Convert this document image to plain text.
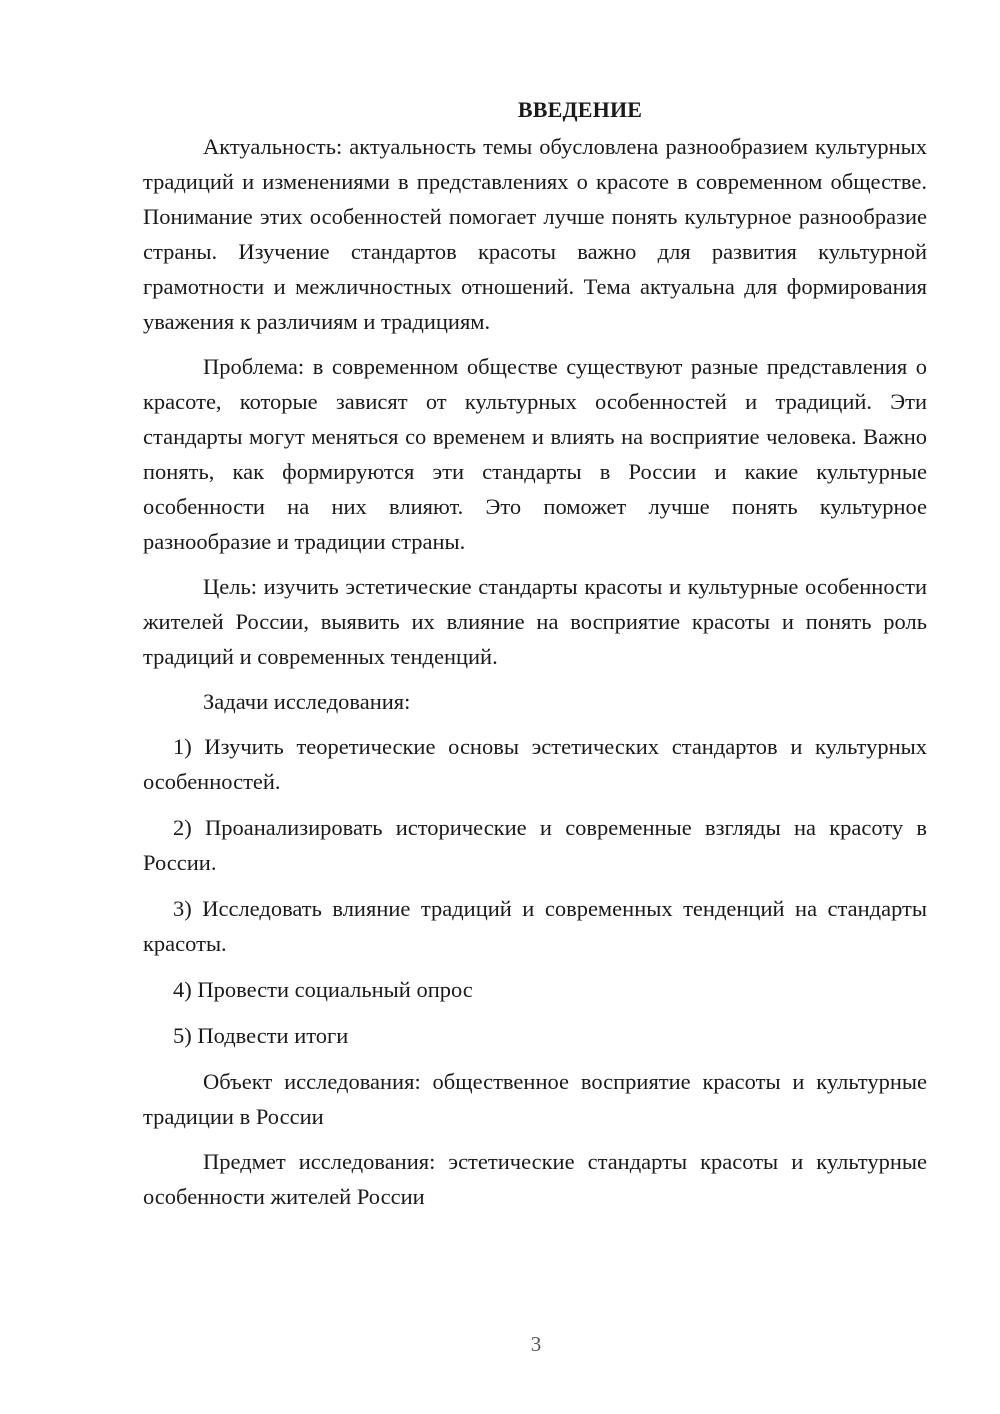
ВВЕДЕНИЕ

Актуальность: актуальность темы обусловлена разнообразием культурных традиций и изменениями в представлениях о красоте в современном обществе. Понимание этих особенностей помогает лучше понять культурное разнообразие страны. Изучение стандартов красоты важно для развития культурной грамотности и межличностных отношений. Тема актуальна для формирования уважения к различиям и традициям.

Проблема: в современном обществе существуют разные представления о красоте, которые зависят от культурных особенностей и традиций. Эти стандарты могут меняться со временем и влиять на восприятие человека. Важно понять, как формируются эти стандарты в России и какие культурные особенности на них влияют. Это поможет лучше понять культурное разнообразие и традиции страны.

Цель: изучить эстетические стандарты красоты и культурные особенности жителей России, выявить их влияние на восприятие красоты и понять роль традиций и современных тенденций.

Задачи исследования:

1) Изучить теоретические основы эстетических стандартов и культурных особенностей.

2) Проанализировать исторические и современные взгляды на красоту в России.

3) Исследовать влияние традиций и современных тенденций на стандарты красоты.

4) Провести социальный опрос

5) Подвести итоги

Объект исследования: общественное восприятие красоты и культурные традиции в России

Предмет исследования: эстетические стандарты красоты и культурные особенности жителей России

3
